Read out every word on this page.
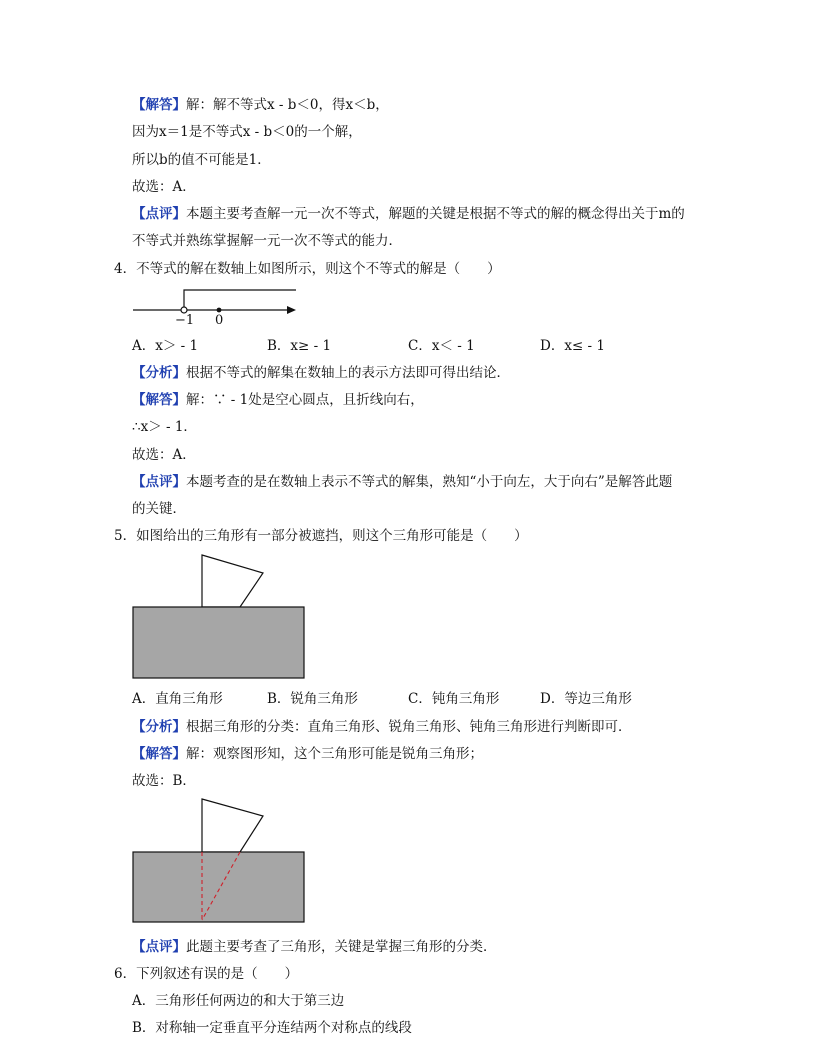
【解答】解：解不等式x - b＜0，得x＜b，
因为x＝1是不等式x - b＜0的一个解，
所以b的值不可能是1．
故选：A．
【点评】本题主要考查解一元一次不等式，解题的关键是根据不等式的解的概念得出关于m的
不等式并熟练掌握解一元一次不等式的能力．
4．不等式的解在数轴上如图所示，则这个不等式的解是（　　）
−1 0
A．x＞ - 1	B．x≥ - 1	C．x＜ - 1	D．x≤ - 1
【分析】根据不等式的解集在数轴上的表示方法即可得出结论．
【解答】解：∵ - 1处是空心圆点，且折线向右，
∴x＞ - 1．
故选：A．
【点评】本题考查的是在数轴上表示不等式的解集，熟知“小于向左，大于向右”是解答此题
的关键．
5．如图给出的三角形有一部分被遮挡，则这个三角形可能是（　　）
A．直角三角形	B．锐角三角形	C．钝角三角形	D．等边三角形
【分析】根据三角形的分类：直角三角形、锐角三角形、钝角三角形进行判断即可．
【解答】解：观察图形知，这个三角形可能是锐角三角形；
故选：B．
【点评】此题主要考查了三角形，关键是掌握三角形的分类．
6．下列叙述有误的是（　　）
A．三角形任何两边的和大于第三边
B．对称轴一定垂直平分连结两个对称点的线段
